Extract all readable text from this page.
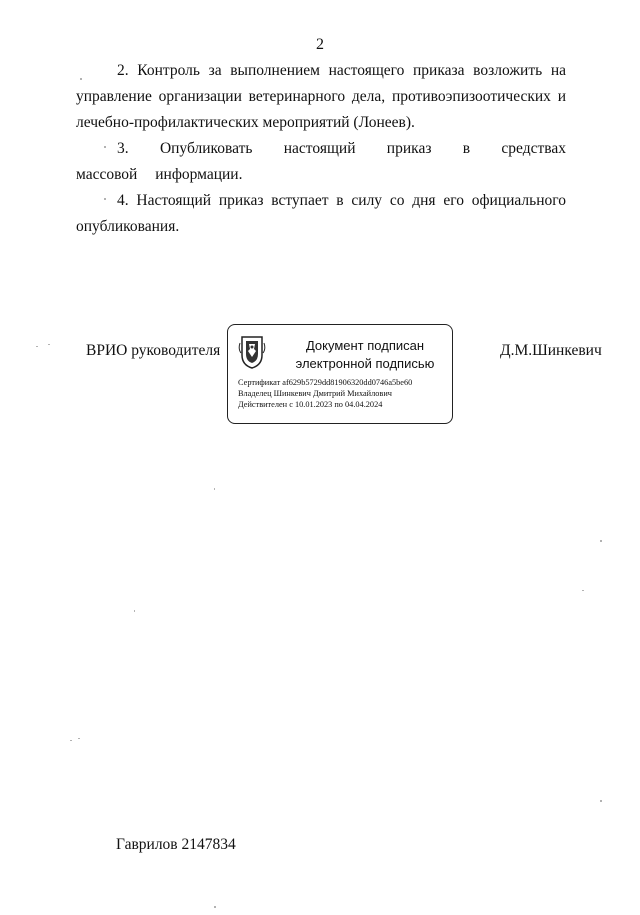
2

2. Контроль за выполнением настоящего приказа возложить на управление организации ветеринарного дела, противоэпизоотических и лечебно-профилактических мероприятий (Лонеев).

3. Опубликовать настоящий приказ в средствах массовой информации.

4. Настоящий приказ вступает в силу со дня его официального опубликования.

ВРИО руководителя	Документ подписан
электронной подписью
Сертификат af629b5729dd81906320dd0746a5be60
Владелец Шинкевич Дмитрий Михайлович
Действителен с 10.01.2023 по 04.04.2024
Д.М.Шинкевич
Гаврилов 2147834
